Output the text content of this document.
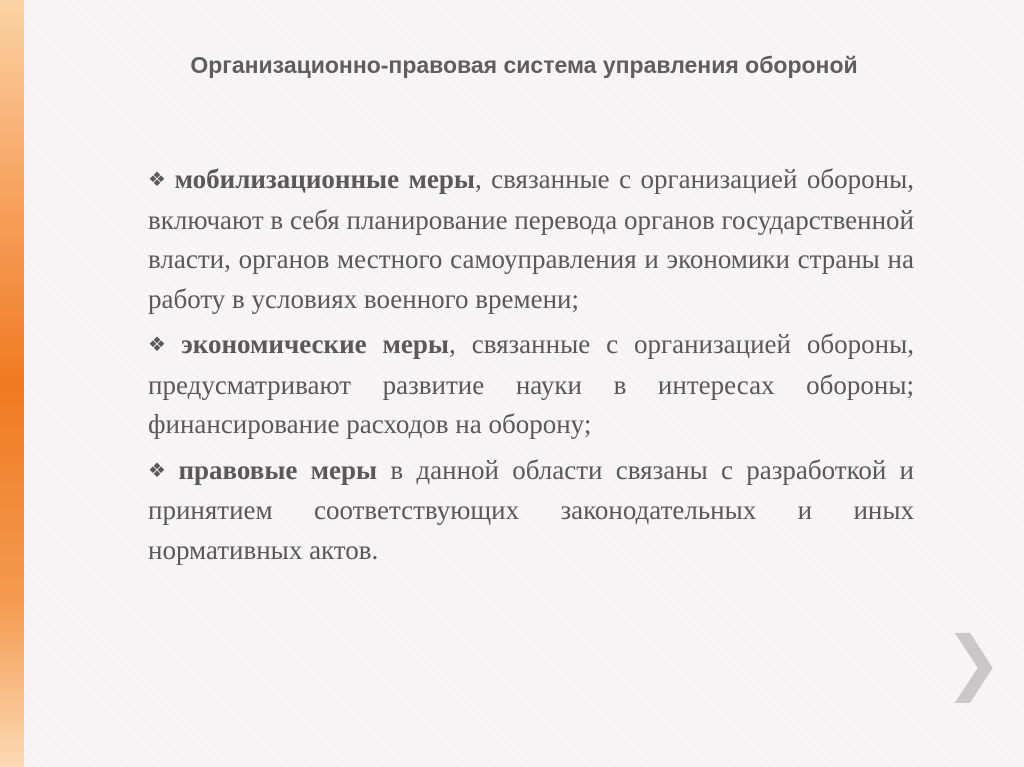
Организационно-правовая система управления обороной

❖ мобилизационные меры, связанные с организацией обороны, включают в себя планирование перевода органов государственной власти, органов местного самоуправления и экономики страны на работу в условиях военного времени;

❖ экономические меры, связанные с организацией обороны, предусматривают развитие науки в интересах обороны; финансирование расходов на оборону;

❖ правовые меры в данной области связаны с разработкой и принятием соответствующих законодательных и иных нормативных актов.

❯
